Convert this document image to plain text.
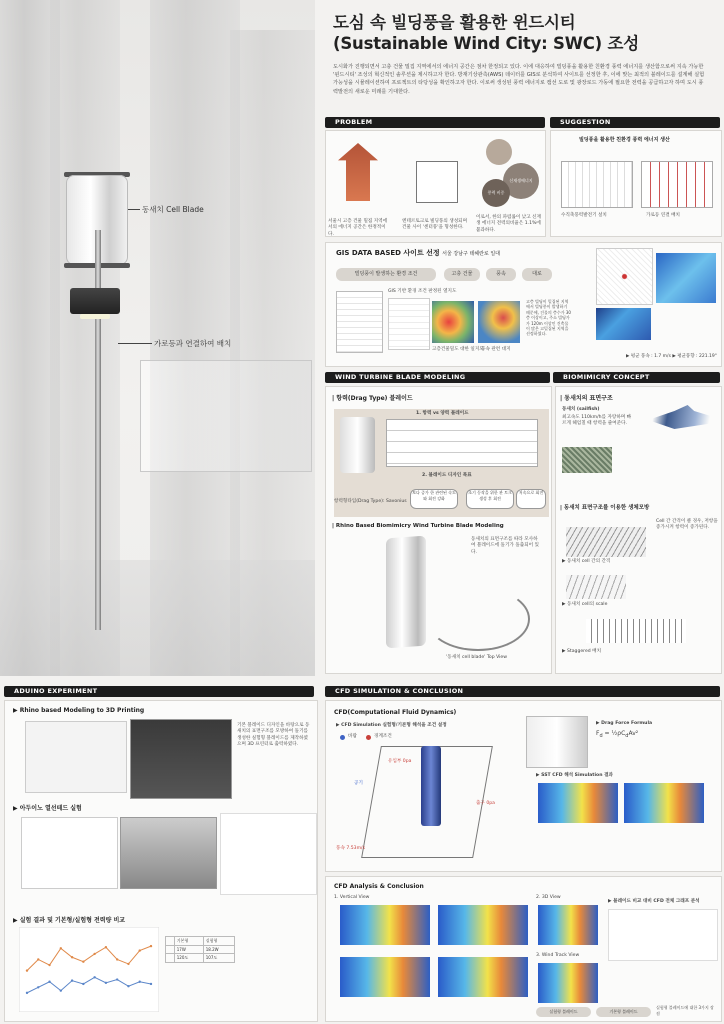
동새치 Cell Blade
가로등과 연결하여 배치
도심 속 빌딩풍을 활용한 윈드시티
(Sustainable Wind City: SWC) 조성
도시화가 진행되면서 고층 건물 밀집 지역에서의 에너지 공간은 점차 한정되고 있다. 이에 대응하여 빌딩풍을 활용한 친환경 풍력 에너지를 생산함으로써 지속 가능한 '윈드시티' 조성의 혁신적인 솔루션을 제시하고자 한다. 방재기상관측(AWS) 데이터를 GIS로 분석하여 사이트를 선정한 후, 이에 맞는 최적의 블레이드를 설계해 실험 가능성을 시뮬레이션하여 프로젝트의 타당성을 확인하고자 한다. 이로써 생성된 풍력 에너지로 캠선 도로 및 광장로드 가동에 필요한 전력을 공급하고자 하며 도시 풍력발전의 새로운 미래를 기대한다.
PROBLEM
신재생에너지
풍력 비중
서울시 고층 건물 밀집 지역에서의 에너지 공간은 한정적이다.
엔테르토크로 빌딩풍의 생성되며 건물 사이 '센터풍'을 형성한다.
이로서, 한의 파럼률이 낮고 신재생 에너지 전력의비율은 1.1%에 불과하다.
SUGGESTION
빌딩풍을 활용한 친환경 풍력 에너지 생산
수직축풍력발전기 설치	가로등 연결 배치
GIS DATA BASED 사이트 선정 서울 강남구 테헤란로 일대
빌딩풍이 발생하는 환경 조건	고층 건물	풍속	대로
GIS 기반 환경 조건 판정된 열지도
고층건물밀도 대한 일지도
풍속 관련 대지
고층 빌딩이 밀집된 지역에서 빌딩풍이 발생하기 때문에, 건물의 층수가 30층 이상이고, 주소 빌딩가가 120m 이상인 건축물이 많은 고밀집된 지역을 선정하였다.
▶ 평균 풍속 : 1.7 m/s ▶ 평균풍향 : 221.19°
WIND TURBINE BLADE MODELING
| 항력(Drag Type) 블레이드
1. 항력 vs 양력 블레이드
2. 블레이드 디자인 목표
항력형타입(Drag Type): Savonius
보다 증가 한 관련된 속도와 회전 강화
초기 동작을 위한 관 토크 생성 후 회전
저속으로 회전
| Rhino Based Biomimicry Wind Turbine Blade Modeling
동새치의 표면구조를 따라 모사하여 블레이드에 돌기가 돌출되어 있다.
'동새치 cell blade' Top View
BIOMIMICRY CONCEPT
| 동새치의 표면구조
동새치 (sailfish)
최고속도 110km/h를 자랑하며 빠르게 헤엄칠 때 항력을 줄여준다.
| 동새치 표면구조를 이용한 생체모방
Cell 간 간격이 클 경우, 저항을 증가시켜 항력이 증가된다.
▶ 동새치 cell 간의 간격
▶ 동새치 cell의 scale
▶ Staggered 배치
ADUINO EXPERIMENT
▶ Rhino based Modeling to 3D Printing
기본 블레이드 디자인을 바탕으로 동새치의 표면구조를 모방하여 돌기를 생성한 실험형 블레이드를 제작하였으며 3D 프린터로 출력하였다.
▶ 아두이노 열선테드 실험
▶ 실험 결과 및 기본형/실험형 전력량 비교
	기본형	실험형
	17W	18.2W
	120도	107도
CFD SIMULATION & CONCLUSION
CFD(Computational Fluid Dynamics)
▶ CFD Simulation 실험형/기본형 해석을 조건 설정
바람	경계조건
공기
유입부 0pa
출구 0pa
풍속 7.53m/s
▶ Drag Force Formula
$F_d$ = $\frac{1}{2}\rho C_dAv^2$
▶ SST CFD 해석 Simulation 결과
CFD Analysis & Conclusion
1. Vertical View	2. 3D View
3. Wind Track View
▶ 블레이드 비교 대비 CFD 전체 그래프 분석
실험형 블레이드	기본형 블레이드
실험형 블레이드에 대한 3가지 장점
